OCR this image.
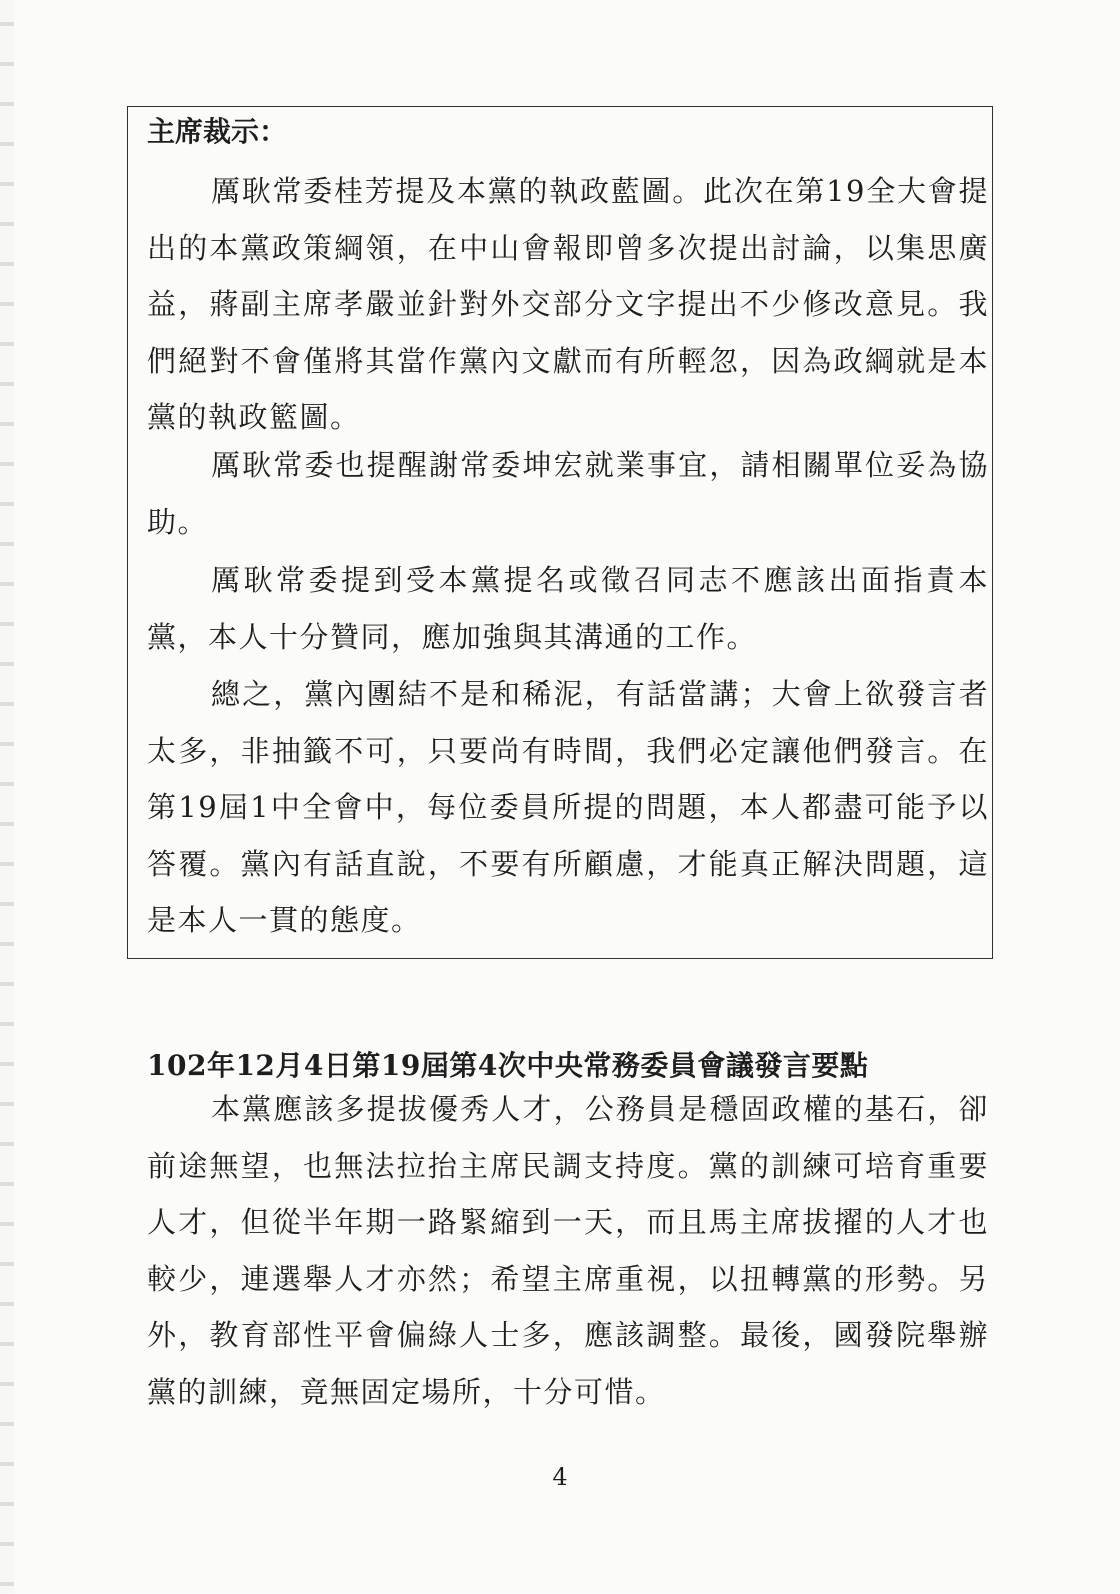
主席裁示：

厲耿常委桂芳提及本黨的執政藍圖。此次在第19全大會提出的本黨政策綱領，在中山會報即曾多次提出討論，以集思廣益，蔣副主席孝嚴並針對外交部分文字提出不少修改意見。我們絕對不會僅將其當作黨內文獻而有所輕忽，因為政綱就是本黨的執政籃圖。

厲耿常委也提醒謝常委坤宏就業事宜，請相關單位妥為協助。

厲耿常委提到受本黨提名或徵召同志不應該出面指責本黨，本人十分贊同，應加強與其溝通的工作。

總之，黨內團結不是和稀泥，有話當講；大會上欲發言者太多，非抽籤不可，只要尚有時間，我們必定讓他們發言。在第19屆1中全會中，每位委員所提的問題，本人都盡可能予以答覆。黨內有話直說，不要有所顧慮，才能真正解決問題，這是本人一貫的態度。

102年12月4日第19屆第4次中央常務委員會議發言要點

本黨應該多提拔優秀人才，公務員是穩固政權的基石，卻前途無望，也無法拉抬主席民調支持度。黨的訓練可培育重要人才，但從半年期一路緊縮到一天，而且馬主席拔擢的人才也較少，連選舉人才亦然；希望主席重視，以扭轉黨的形勢。另外，教育部性平會偏綠人士多，應該調整。最後，國發院舉辦黨的訓練，竟無固定場所，十分可惜。

4
